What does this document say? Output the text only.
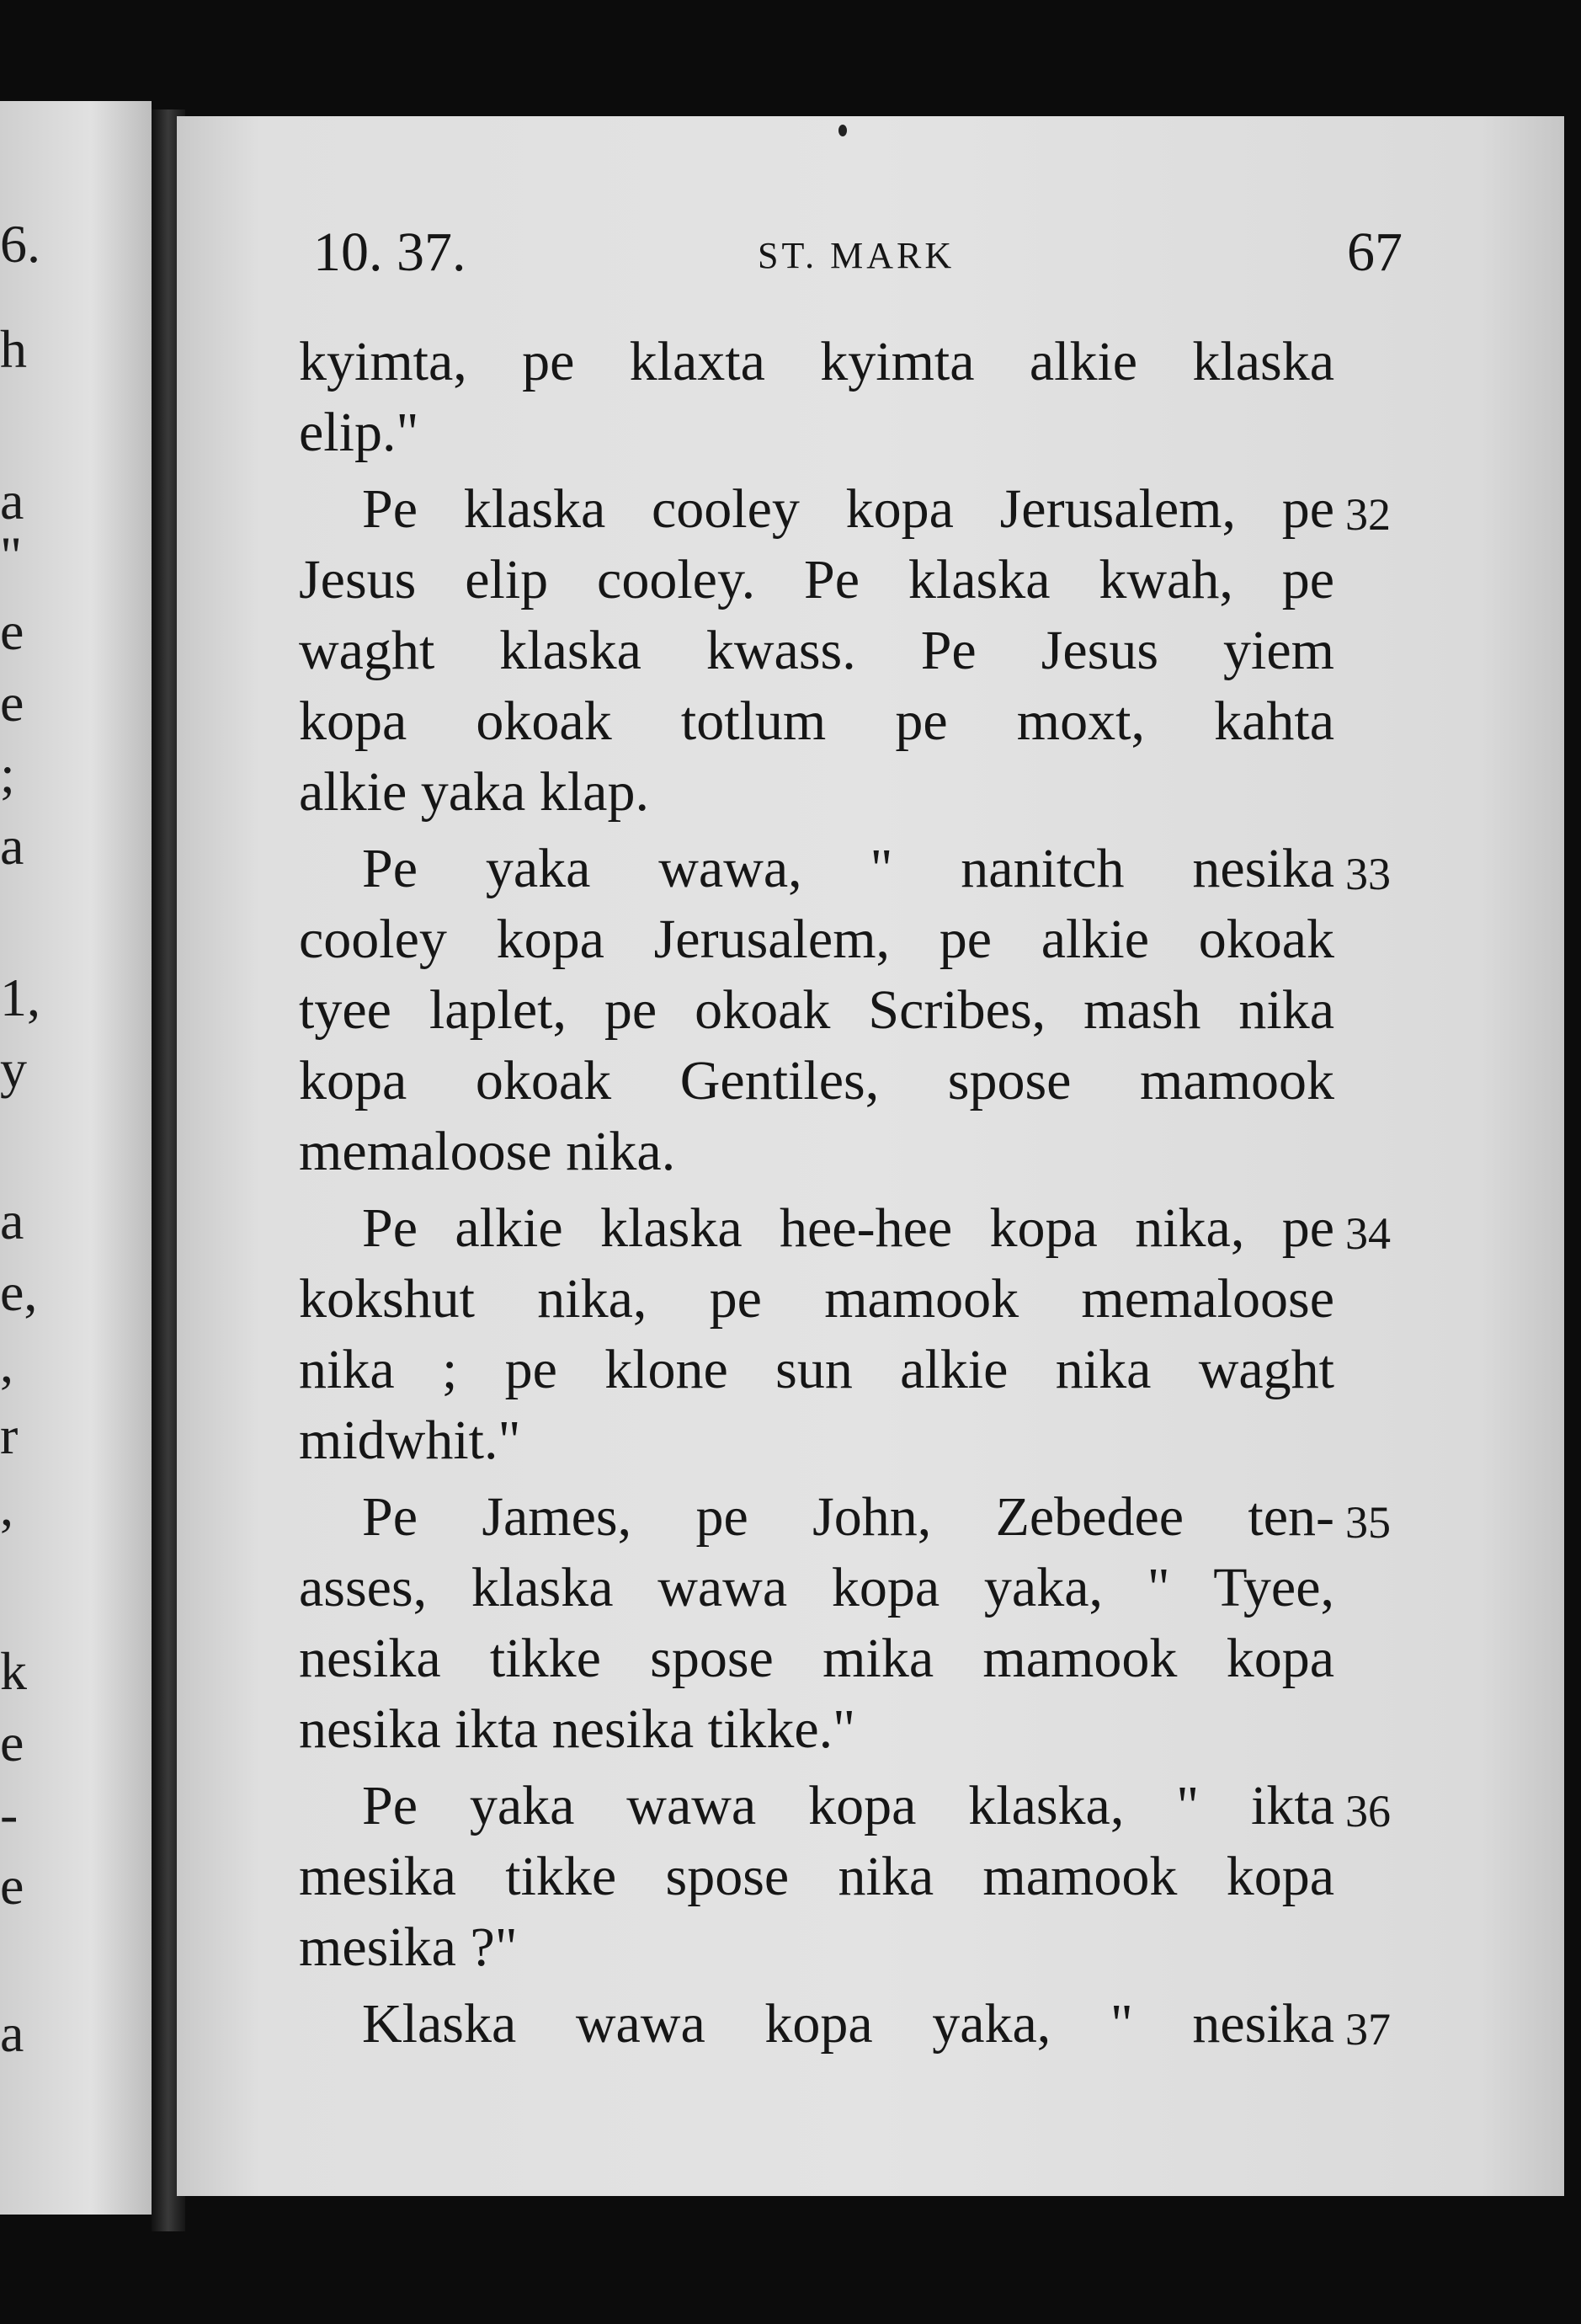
6.
h
a
"
e
e
;
a
1,
y
a
e,
,
r
,
k
e
-
e
a
10. 37.	ST. MARK	67
kyimta, pe klaxta kyimta alkie klaska
elip."
Pe klaska cooley kopa Jerusalem, pe
Jesus elip cooley. Pe klaska kwah, pe
waght klaska kwass. Pe Jesus yiem
kopa okoak totlum pe moxt, kahta
alkie yaka klap.
Pe yaka wawa, " nanitch nesika
cooley kopa Jerusalem, pe alkie okoak
tyee laplet, pe okoak Scribes, mash nika
kopa okoak Gentiles, spose mamook
memaloose nika.
Pe alkie klaska hee-hee kopa nika, pe
kokshut nika, pe mamook memaloose
nika ; pe klone sun alkie nika waght
midwhit."
Pe James, pe John, Zebedee ten-
asses, klaska wawa kopa yaka, " Tyee,
nesika tikke spose mika mamook kopa
nesika ikta nesika tikke."
Pe yaka wawa kopa klaska, " ikta
mesika tikke spose nika mamook kopa
mesika ?"
Klaska wawa kopa yaka, " nesika
32
33
34
35
36
37
